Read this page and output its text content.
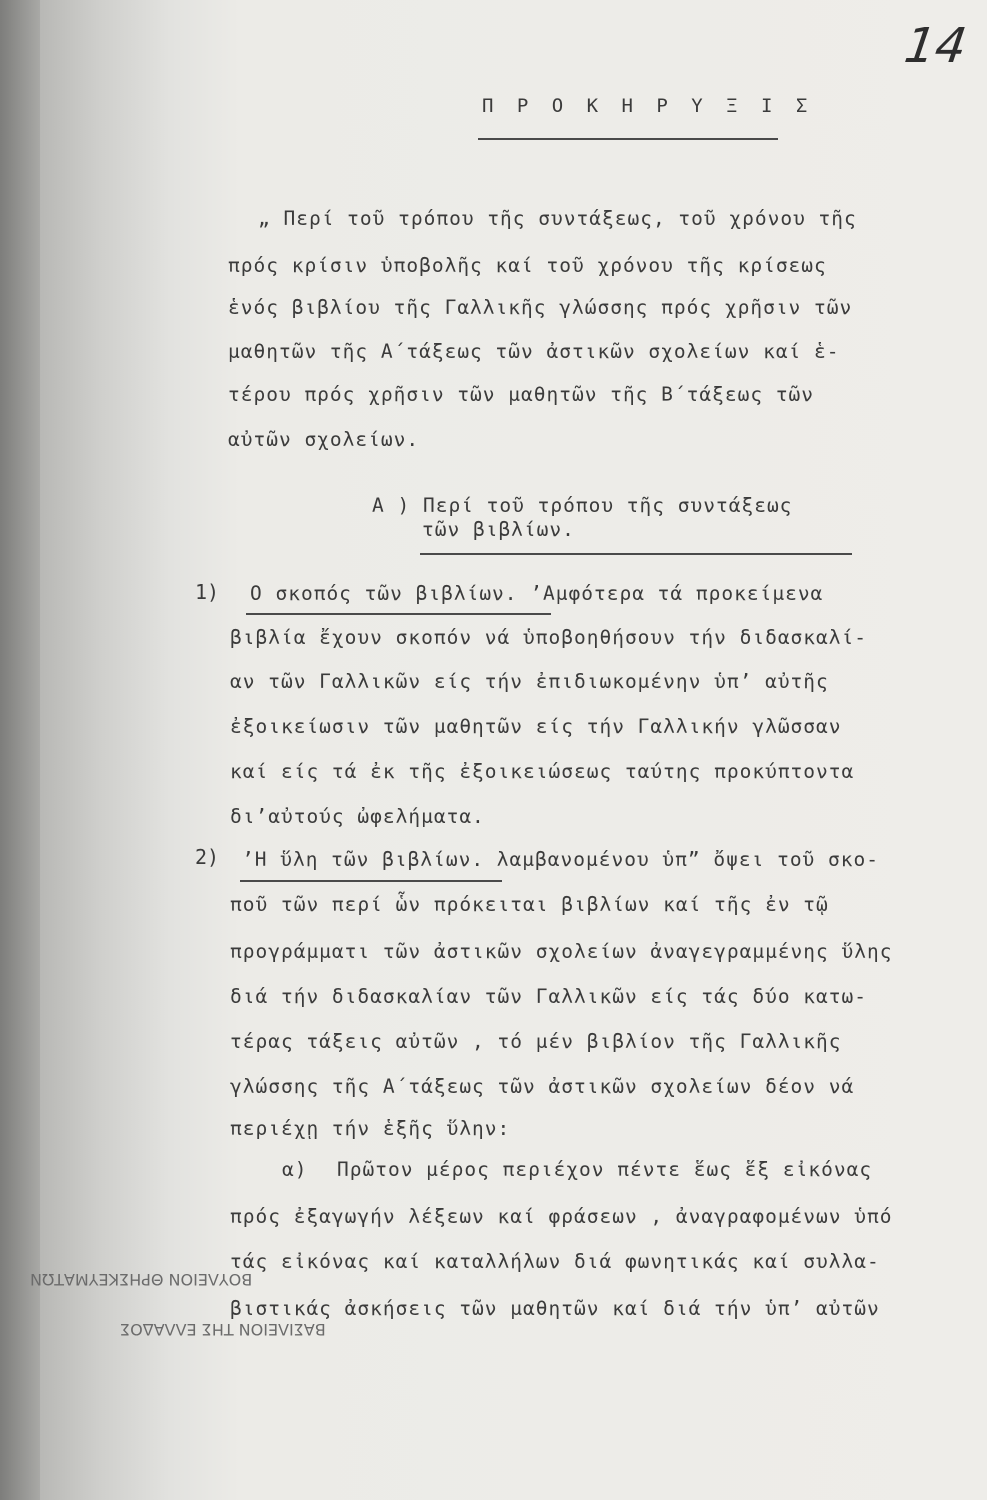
14
Π Ρ Ο Κ Η Ρ Υ Ξ Ι Σ
„ Περί τοῦ τρόπου τῆς συντάξεως, τοῦ χρόνου τῆς
πρός κρίσιν ὑποβολῆς καί τοῦ χρόνου τῆς κρίσεως
ἑνός βιβλίου τῆς Γαλλικῆς γλώσσης πρός χρῆσιν τῶν
μαθητῶν τῆς Α΄τάξεως τῶν ἀστικῶν σχολείων καί ἑ-
τέρου πρός χρῆσιν τῶν μαθητῶν τῆς Β΄τάξεως τῶν
αὐτῶν σχολείων.
Α ) Περί τοῦ τρόπου τῆς συντάξεως
τῶν βιβλίων.
1) Ο σκοπός τῶν βιβλίων. ’Αμφότερα τά προκείμενα
βιβλία ἔχουν σκοπόν νά ὑποβοηθήσουν τήν διδασκαλί-
αν τῶν Γαλλικῶν είς τήν ἐπιδιωκομένην ὑπ’ αὐτῆς
ἐξοικείωσιν τῶν μαθητῶν είς τήν Γαλλικήν γλῶσσαν
καί είς τά ἐκ τῆς ἐξοικειώσεως ταύτης προκύπτοντα
δι’αὐτούς ὠφελήματα.
2) ’Η ὕλη τῶν βιβλίων. λαμβανομένου ὑπ” ὄψει τοῦ σκο-
ποῦ τῶν περί ὧν πρόκειται βιβλίων καί τῆς ἐν τῷ
προγράμματι τῶν ἀστικῶν σχολείων ἀναγεγραμμένης ὕλης
διά τήν διδασκαλίαν τῶν Γαλλικῶν είς τάς δύο κατω-
τέρας τάξεις αὐτῶν , τό μέν βιβλίον τῆς Γαλλικῆς
γλώσσης τῆς Α΄τάξεως τῶν ἀστικῶν σχολείων δέον νά
περιέχῃ τήν ἑξῆς ὕλην:
α) Πρῶτον μέρος περιέχον πέντε ἕως ἕξ εἰκόνας
πρός ἐξαγωγήν λέξεων καί φράσεων , ἀναγραφομένων ὑπό
τάς εἰκόνας καί καταλλήλων διά φωνητικάς καί συλλα-
βιστικάς ἀσκήσεις τῶν μαθητῶν καί διά τήν ὑπ’ αὐτῶν
ΒΟΥΛΕΙΟΝ ΘΡΗΣΚΕΥΜΑΤΩΝ
ΒΑΣΙΛΕΙΟΝ ΤΗΣ ΕΛΛΑΔΟΣ
